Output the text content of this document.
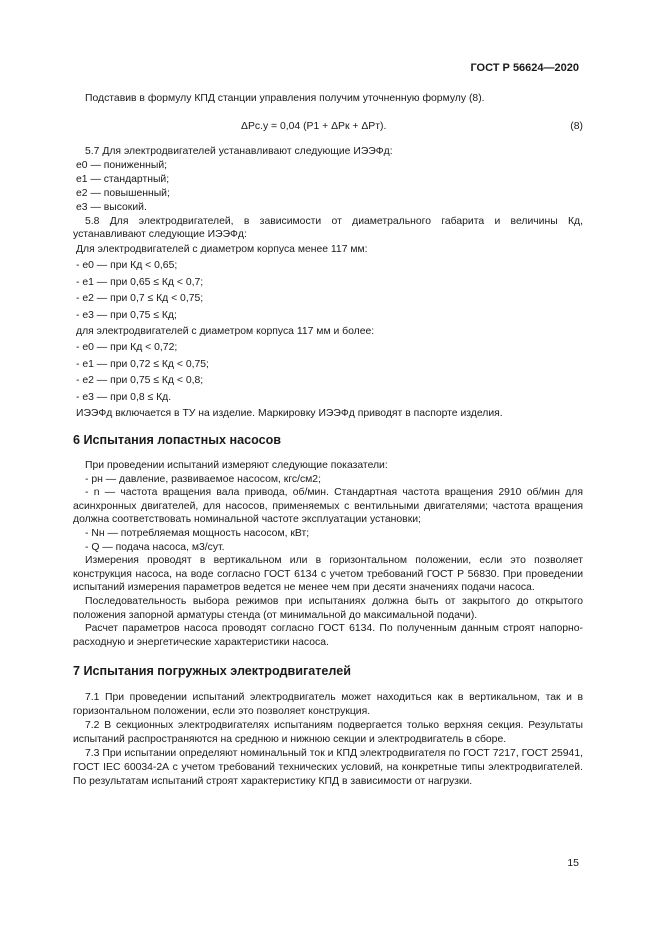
ГОСТ Р 56624—2020

Подставив в формулу КПД станции управления получим уточненную формулу (8).

ΔPс.у = 0,04 (P1 + ΔPк + ΔPт).	(8)

5.7 Для электродвигателей устанавливают следующие ИЭЭФд:

е0 — пониженный;

е1 — стандартный;

е2 — повышенный;

е3 — высокий.

5.8 Для электродвигателей, в зависимости от диаметрального габарита и величины Кд, устанавливают следующие ИЭЭФд:

Для электродвигателей с диаметром корпуса менее 117 мм:

- е0 — при Кд < 0,65;

- е1 — при 0,65 ≤ Кд < 0,7;

- е2 — при 0,7 ≤ Кд < 0,75;

- е3 — при 0,75 ≤ Кд;

для электродвигателей с диаметром корпуса 117 мм и более:

- е0 — при Кд < 0,72;

- е1 — при 0,72 ≤ Кд < 0,75;

- е2 — при 0,75 ≤ Кд < 0,8;

- е3 — при 0,8 ≤ Кд.

ИЭЭФд включается в ТУ на изделие. Маркировку ИЭЭФд приводят в паспорте изделия.

6 Испытания лопастных насосов

При проведении испытаний измеряют следующие показатели:

- pн — давление, развиваемое насосом, кгс/см2;

- n — частота вращения вала привода, об/мин. Стандартная частота вращения 2910 об/мин для асинхронных двигателей, для насосов, применяемых с вентильными двигателями; частота вращения должна соответствовать номинальной частоте эксплуатации установки;

- Nн — потребляемая мощность насосом, кВт;

- Q — подача насоса, м3/сут.

Измерения проводят в вертикальном или в горизонтальном положении, если это позволяет конструкция насоса, на воде согласно ГОСТ 6134 с учетом требований ГОСТ Р 56830. При проведении испытаний измерения параметров ведется не менее чем при десяти значениях подачи насоса.

Последовательность выбора режимов при испытаниях должна быть от закрытого до открытого положения запорной арматуры стенда (от минимальной до максимальной подачи).

Расчет параметров насоса проводят согласно ГОСТ 6134. По полученным данным строят напорно-расходную и энергетические характеристики насоса.

7 Испытания погружных электродвигателей

7.1 При проведении испытаний электродвигатель может находиться как в вертикальном, так и в горизонтальном положении, если это позволяет конструкция.

7.2 В секционных электродвигателях испытаниям подвергается только верхняя секция. Результаты испытаний распространяются на среднюю и нижнюю секции и электродвигатель в сборе.

7.3 При испытании определяют номинальный ток и КПД электродвигателя по ГОСТ 7217, ГОСТ 25941, ГОСТ IEC 60034-2А с учетом требований технических условий, на конкретные типы электродвигателей. По результатам испытаний строят характеристику КПД в зависимости от нагрузки.

15
